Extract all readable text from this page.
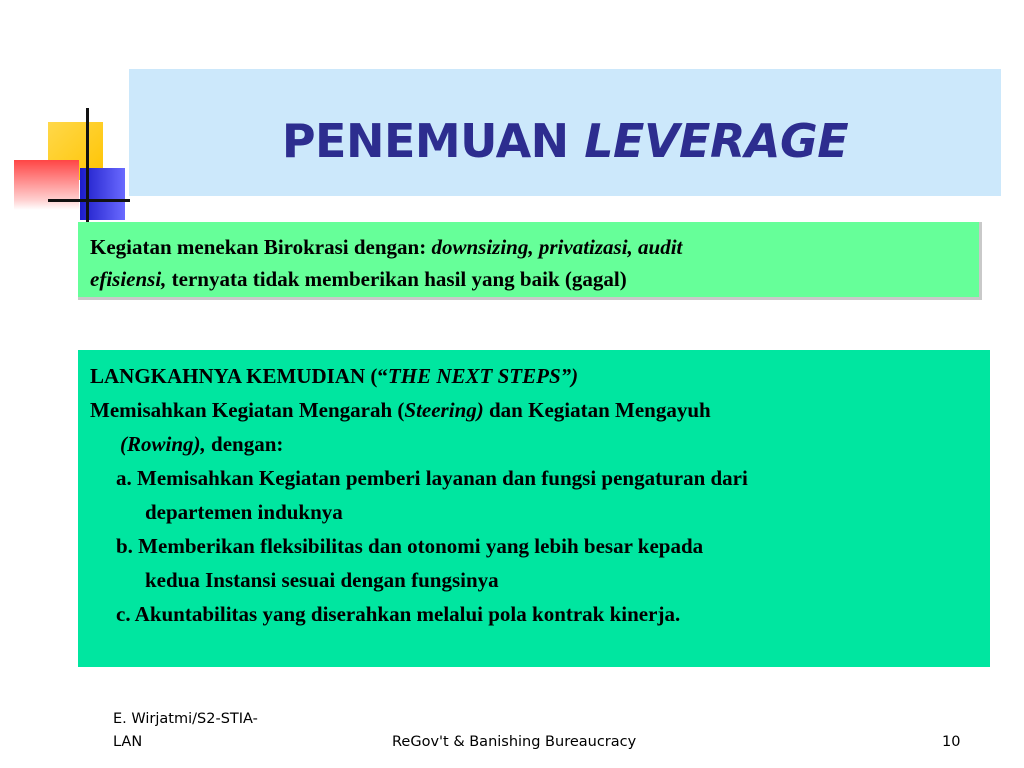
PENEMUAN LEVERAGE

Kegiatan menekan Birokrasi dengan: downsizing, privatizasi, audit
efisiensi, ternyata tidak memberikan hasil yang baik (gagal)

LANGKAHNYA KEMUDIAN (“THE NEXT STEPS”)

Memisahkan Kegiatan Mengarah (Steering) dan Kegiatan Mengayuh

(Rowing), dengan:

a. Memisahkan Kegiatan pemberi layanan dan fungsi pengaturan dari

departemen induknya

b. Memberikan fleksibilitas dan otonomi yang lebih besar kepada

kedua Instansi sesuai dengan fungsinya

c. Akuntabilitas yang diserahkan melalui pola kontrak kinerja.

E. Wirjatmi/S2-STIA-
LAN	ReGov't & Banishing Bureaucracy	10
